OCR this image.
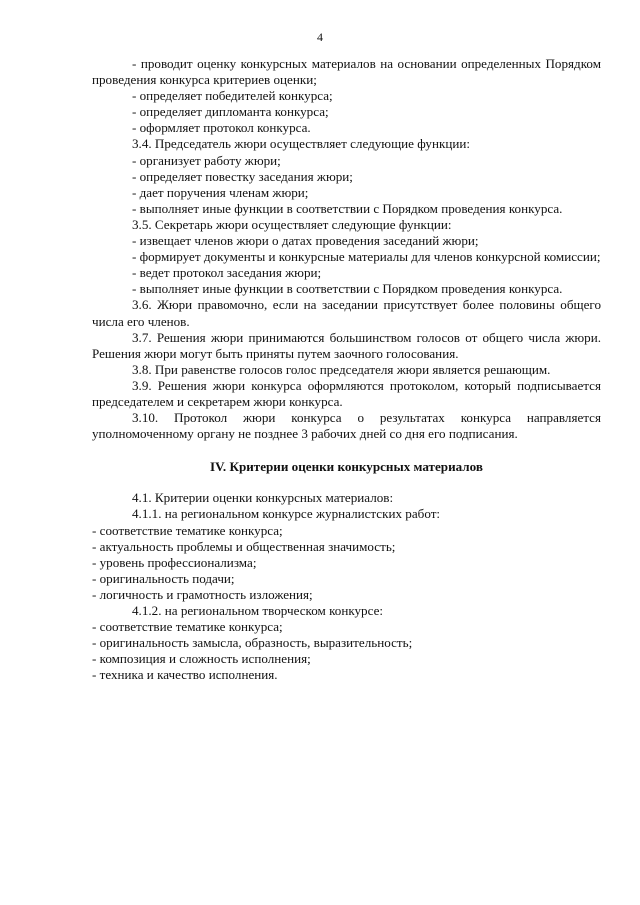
4

- проводит оценку конкурсных материалов на основании определенных Порядком проведения конкурса критериев оценки;

- определяет победителей конкурса;

- определяет дипломанта конкурса;

- оформляет протокол конкурса.

3.4. Председатель жюри осуществляет следующие функции:

- организует работу жюри;

- определяет повестку заседания жюри;

- дает поручения членам жюри;

- выполняет иные функции в соответствии с Порядком проведения конкурса.

3.5. Секретарь жюри осуществляет следующие функции:

- извещает членов жюри о датах проведения заседаний жюри;

- формирует документы и конкурсные материалы для членов конкурсной комиссии;

- ведет протокол заседания жюри;

- выполняет иные функции в соответствии с Порядком проведения конкурса.

3.6. Жюри правомочно, если на заседании присутствует более половины общего числа его членов.

3.7. Решения жюри принимаются большинством голосов от общего числа жюри. Решения жюри могут быть приняты путем заочного голосования.

3.8. При равенстве голосов голос председателя жюри является решающим.

3.9. Решения жюри конкурса оформляются протоколом, который подписывается председателем и секретарем жюри конкурса.

3.10. Протокол жюри конкурса о результатах конкурса направляется уполномоченному органу не позднее 3 рабочих дней со дня его подписания.

IV. Критерии оценки конкурсных материалов

4.1. Критерии оценки конкурсных материалов:

4.1.1. на региональном конкурсе журналистских работ:

- соответствие тематике конкурса;

- актуальность проблемы и общественная значимость;

- уровень профессионализма;

- оригинальность подачи;

- логичность и грамотность изложения;

4.1.2. на региональном творческом конкурсе:

- соответствие тематике конкурса;

- оригинальность замысла, образность, выразительность;

- композиция и сложность исполнения;

- техника и качество исполнения.
